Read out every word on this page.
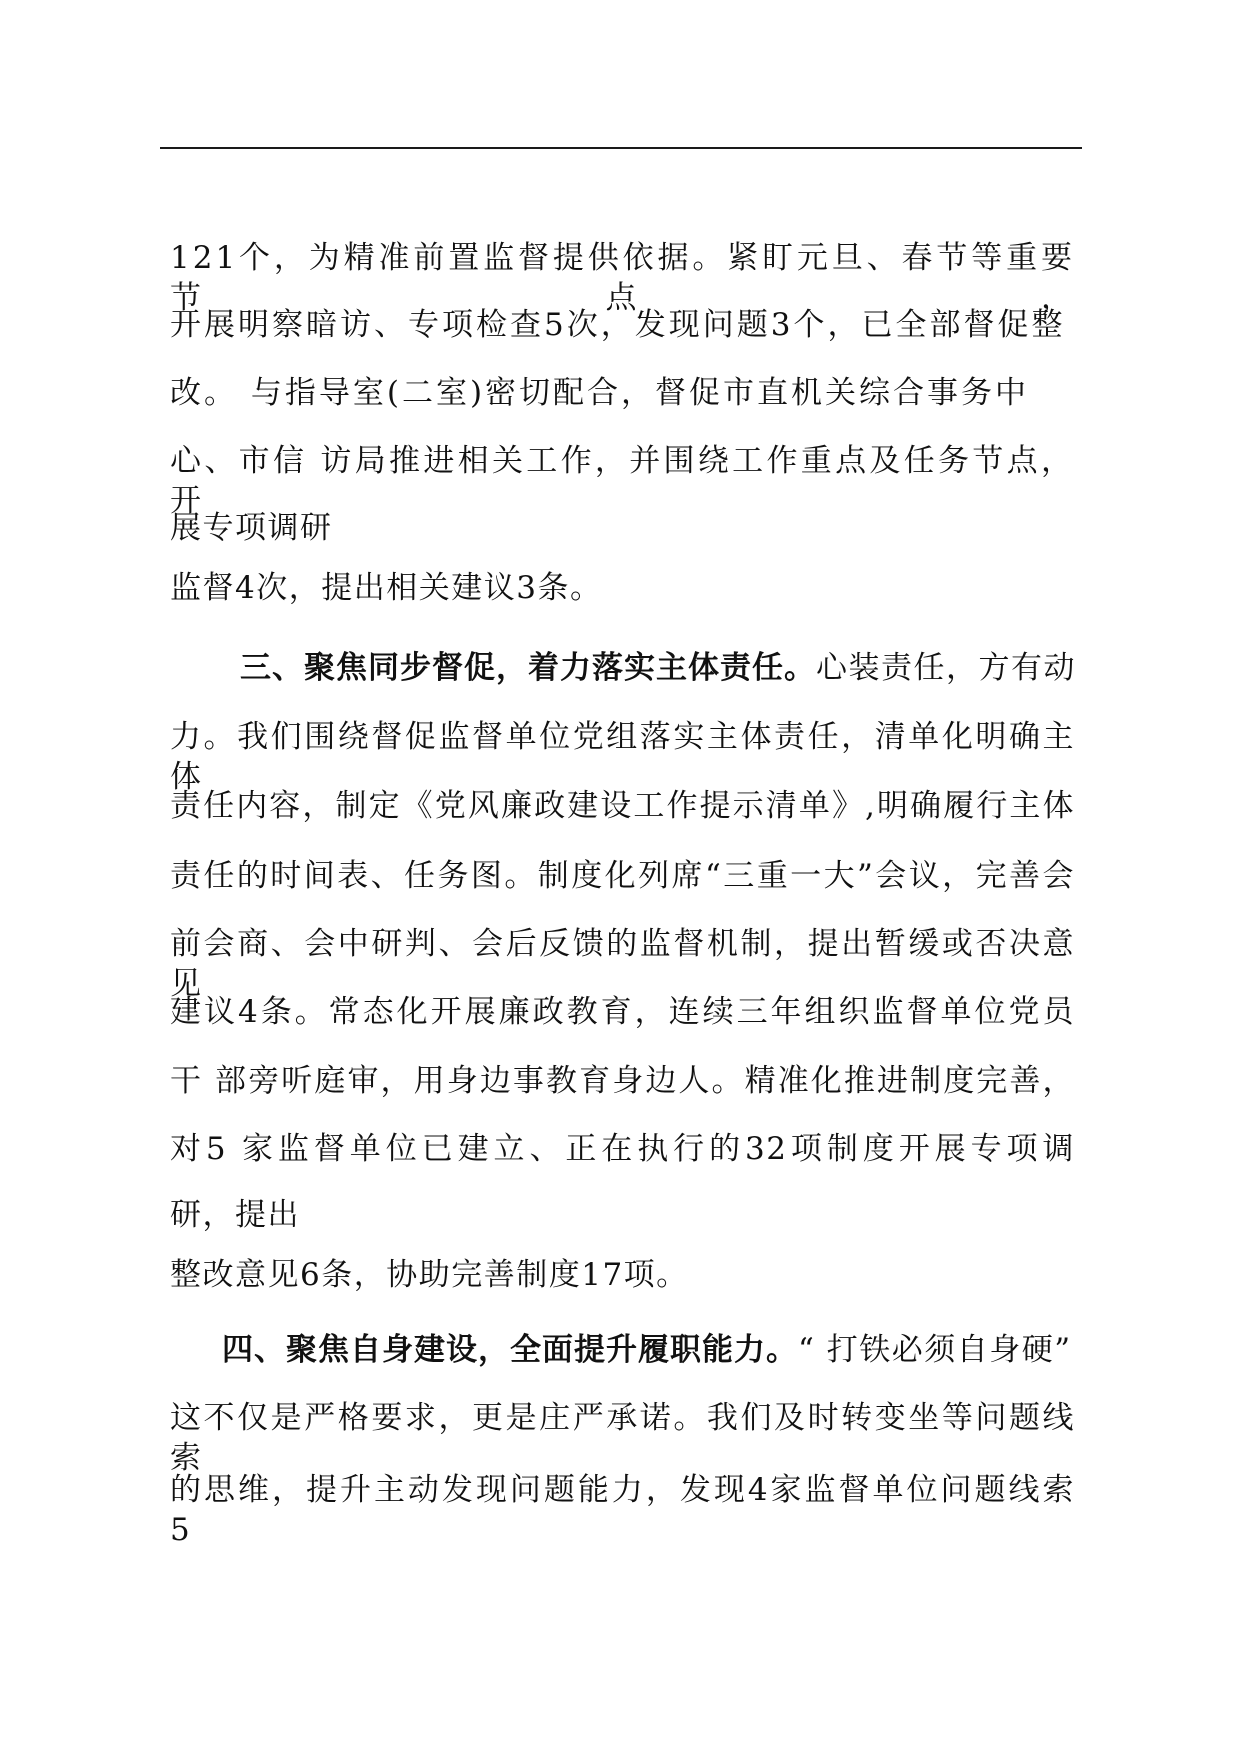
121个，为精准前置监督提供依据。紧盯元旦、春节等重要节点，
开展明察暗访、专项检查5次，发现问题3个，已全部督促整
改。 与指导室(二室)密切配合，督促市直机关综合事务中
心、市信 访局推进相关工作，并围绕工作重点及任务节点，开
展专项调研
监督4次，提出相关建议3条。
三、聚焦同步督促，着力落实主体责任。心装责任，方有动
力。我们围绕督促监督单位党组落实主体责任，清单化明确主体
责任内容，制定《党风廉政建设工作提示清单》,明确履行主体
责任的时间表、任务图。制度化列席“三重一大”会议，完善会
前会商、会中研判、会后反馈的监督机制，提出暂缓或否决意见
建议4条。常态化开展廉政教育，连续三年组织监督单位党员
干 部旁听庭审，用身边事教育身边人。精准化推进制度完善，
对5 家监督单位已建立、正在执行的32项制度开展专项调
研，提出
整改意见6条，协助完善制度17项。
四、聚焦自身建设，全面提升履职能力。“ 打铁必须自身硬”
这不仅是严格要求，更是庄严承诺。我们及时转变坐等问题线索
的思维，提升主动发现问题能力，发现4家监督单位问题线索
5
